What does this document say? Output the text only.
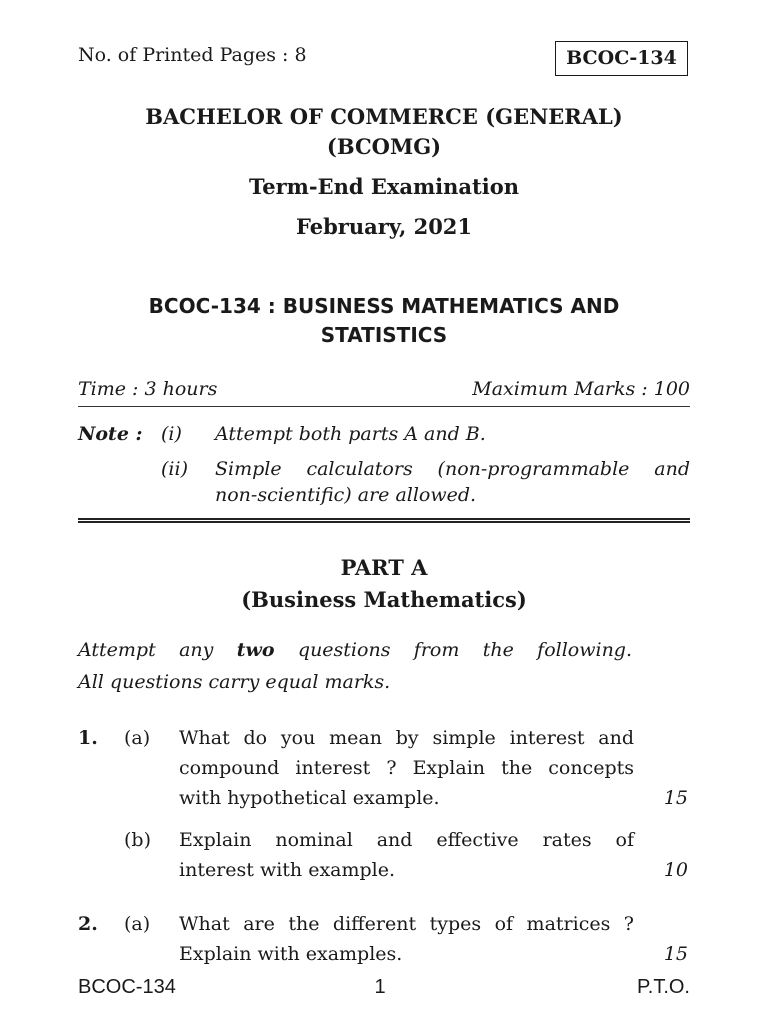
No. of Printed Pages : 8	BCOC-134
BACHELOR OF COMMERCE (GENERAL)
(BCOMG)
Term-End Examination
February, 2021
BCOC-134 : BUSINESS MATHEMATICS AND
STATISTICS
Time : 3 hours	Maximum Marks : 100
Note : (i) Attempt both parts A and B.
(ii) Simple calculators (non-programmable and
non-scientific) are allowed.
PART A
(Business Mathematics)
Attempt any two questions from the following.
All questions carry equal marks.
1. (a) What do you mean by simple interest and
compound interest ? Explain the concepts
with hypothetical example.	15
(b) Explain nominal and effective rates of
interest with example.	10
2. (a) What are the different types of matrices ?
Explain with examples.	15
BCOC-134	1	P.T.O.
